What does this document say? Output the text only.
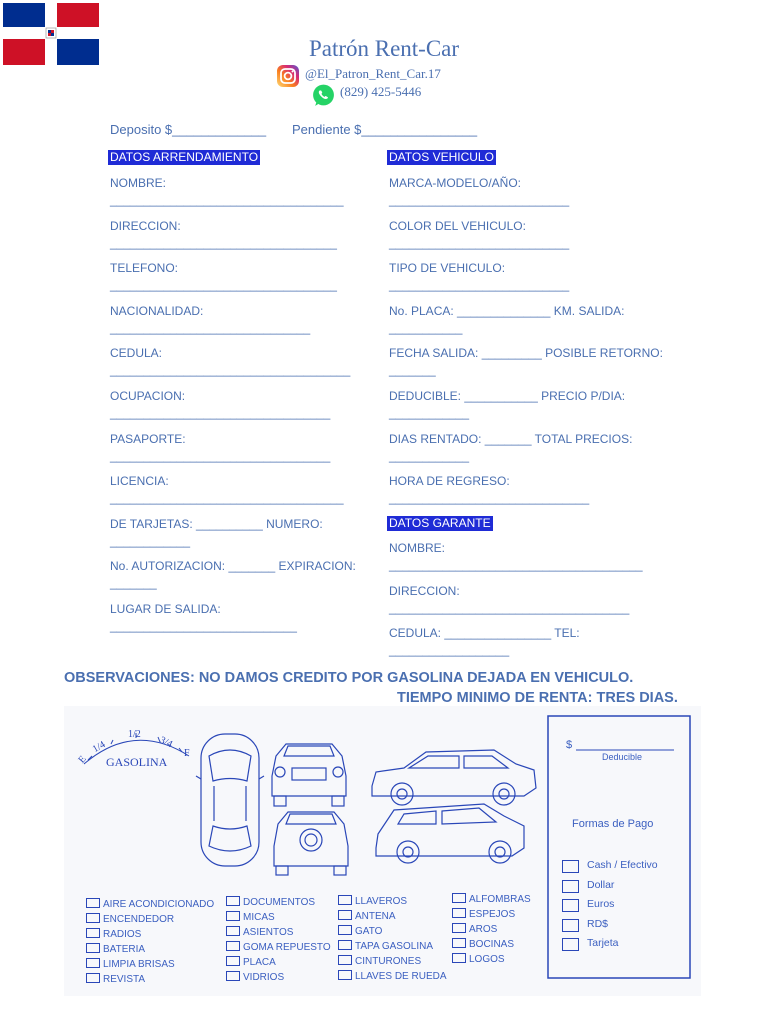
Patrón Rent-Car
@El_Patron_Rent_Car.17
(829) 425-5446
Deposito $_____________ Pendiente $________________
DATOS ARRENDAMIENTO
NOMBRE:
___________________________________
DIRECCION:
__________________________________
TELEFONO:
__________________________________
NACIONALIDAD:
______________________________
CEDULA:
____________________________________
OCUPACION:
_________________________________
PASAPORTE:
_________________________________
LICENCIA:
___________________________________
DE TARJETAS: __________ NUMERO:
____________
No. AUTORIZACION: _______ EXPIRACION:
_______
LUGAR DE SALIDA:
____________________________
DATOS VEHICULO
MARCA-MODELO/AÑO:
___________________________
COLOR DEL VEHICULO:
___________________________
TIPO DE VEHICULO:
___________________________
No. PLACA: ______________ KM. SALIDA:
___________
FECHA SALIDA: _________ POSIBLE RETORNO:
_______
DEDUCIBLE: ___________ PRECIO P/DIA:
____________
DIAS RENTADO: _______ TOTAL PRECIOS:
____________
HORA DE REGRESO:
______________________________
DATOS GARANTE
NOMBRE:
______________________________________
DIRECCION:
____________________________________
CEDULA: ________________ TEL:
__________________
OBSERVACIONES: NO DAMOS CREDITO POR GASOLINA DEJADA EN VEHICULO.
TIEMPO MINIMO DE RENTA: TRES DIAS.
E
1/4
1/2
3/4
F
GASOLINA
AIRE ACONDICIONADO
ENCENDEDOR
RADIOS
BATERIA
LIMPIA BRISAS
REVISTA
DOCUMENTOS
MICAS
ASIENTOS
GOMA REPUESTO
PLACA
VIDRIOS
LLAVEROS
ANTENA
GATO
TAPA GASOLINA
CINTURONES
LLAVES DE RUEDA
ALFOMBRAS
ESPEJOS
AROS
BOCINAS
LOGOS
$
Deducible
Formas de Pago
Cash / Efectivo
Dollar
Euros
RD$
Tarjeta
